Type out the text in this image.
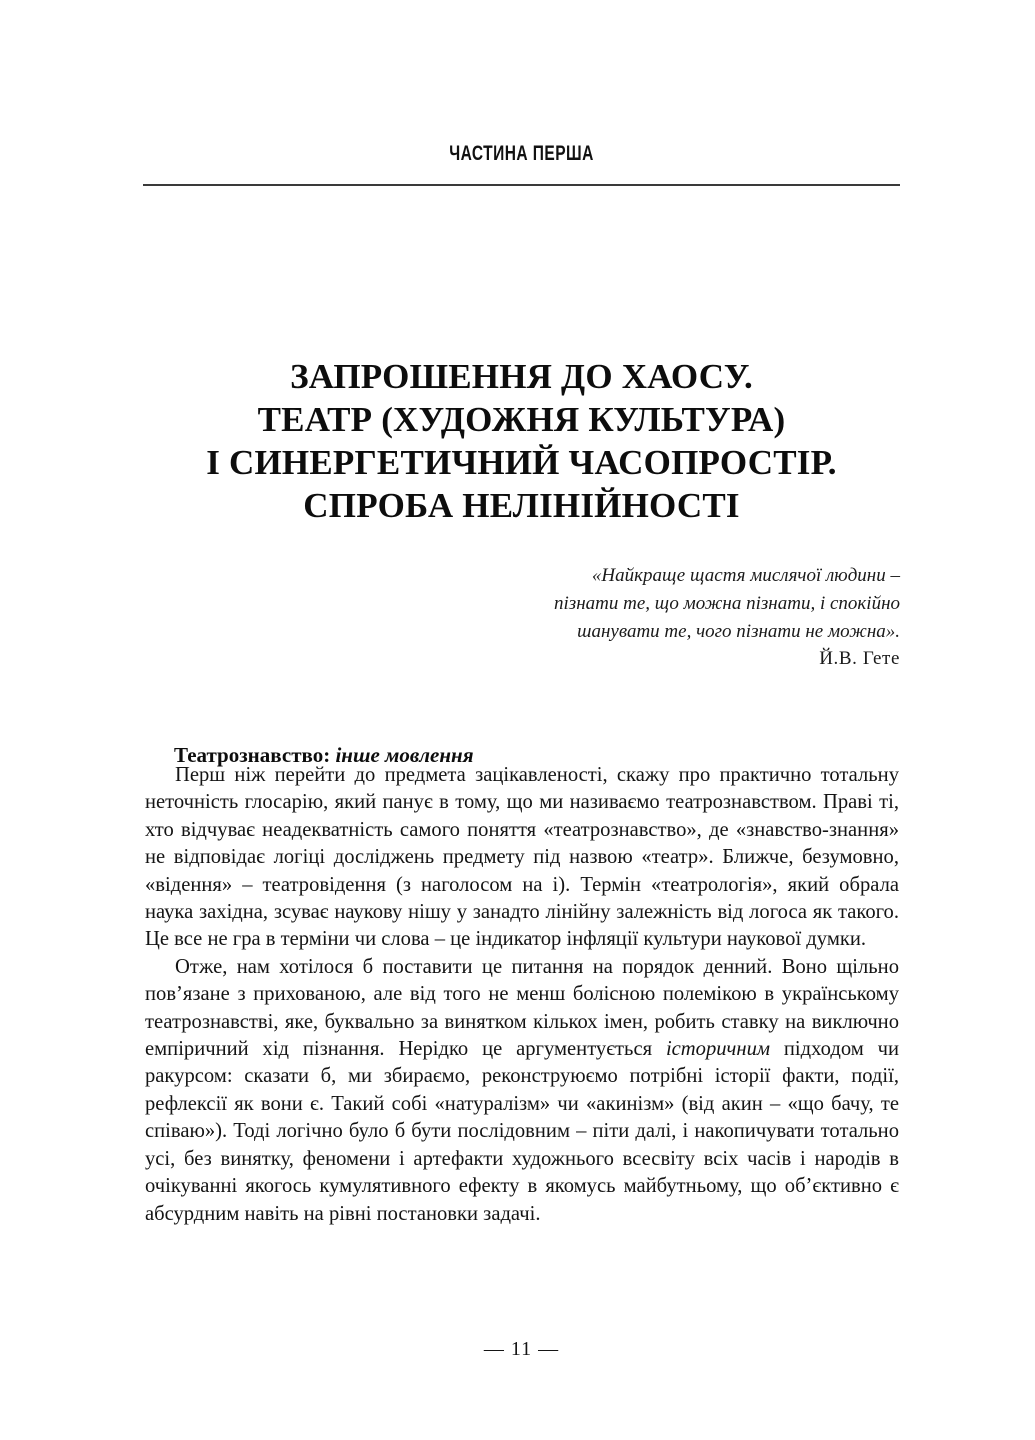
ЧАСТИНА ПЕРША
ЗАПРОШЕННЯ ДО ХАОСУ.
ТЕАТР (ХУДОЖНЯ КУЛЬТУРА)
І СИНЕРГЕТИЧНИЙ ЧАСОПРОСТІР.
СПРОБА НЕЛІНІЙНОСТІ
«Найкраще щастя мислячої людини –
пізнати те, що можна пізнати, і спокійно
шанувати те, чого пізнати не можна».
Й.В. Гете
Театрознавство: інше мовлення

Перш ніж перейти до предмета зацікавленості, скажу про практично тотальну неточність глосарію, який панує в тому, що ми називаємо театрознавством. Праві ті, хто відчуває неадекватність самого поняття «театрознавство», де «знавство-знання» не відповідає логіці досліджень предмету під назвою «театр». Ближче, безумовно, «відення» – театровідення (з наголосом на і). Термін «театрологія», який обрала наука західна, зсуває наукову нішу у занадто лінійну залежність від логоса як такого. Це все не гра в терміни чи слова – це індикатор інфляції культури наукової думки.

Отже, нам хотілося б поставити це питання на порядок денний. Воно щільно пов’язане з прихованою, але від того не менш болісною полемікою в українському театрознавстві, яке, буквально за винятком кількох імен, робить ставку на виключно емпіричний хід пізнання. Нерідко це аргументується історичним підходом чи ракурсом: сказати б, ми збираємо, реконструюємо потрібні історії факти, події, рефлексії як вони є. Такий собі «натуралізм» чи «акинізм» (від акин – «що бачу, те співаю»). Тоді логічно було б бути послідовним – піти далі, і накопичувати тотально усі, без винятку, феномени і артефакти художнього всесвіту всіх часів і народів в очікуванні якогось кумулятивного ефекту в якомусь майбутньому, що об’єктивно є абсурдним навіть на рівні постановки задачі.

— 11 —
